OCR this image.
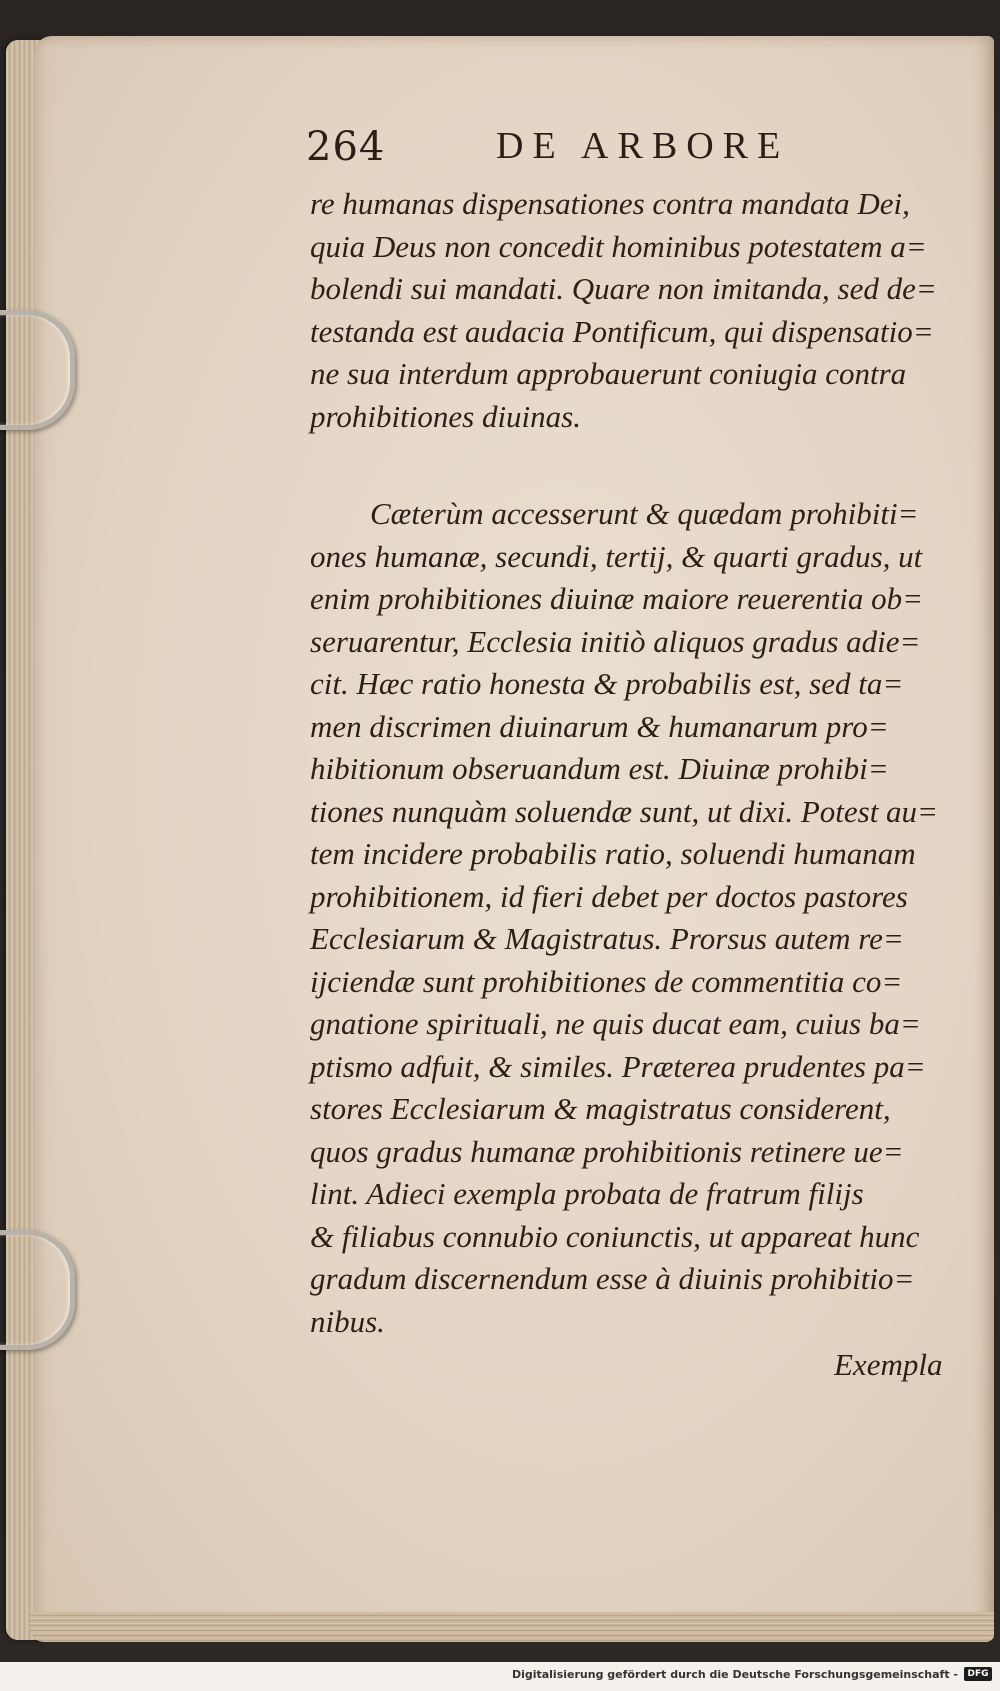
264	DE ARBORE
re humanas dispensationes contra mandata Dei,
quia Deus non concedit hominibus potestatem a=
bolendi sui mandati. Quare non imitanda, sed de=
testanda est audacia Pontificum, qui dispensatio=
ne sua interdum approbauerunt coniugia contra
prohibitiones diuinas.
Cæterùm accesserunt & quædam prohibiti=
ones humanæ, secundi, tertij, & quarti gradus, ut
enim prohibitiones diuinæ maiore reuerentia ob=
seruarentur, Ecclesia initiò aliquos gradus adie=
cit. Hæc ratio honesta & probabilis est, sed ta=
men discrimen diuinarum & humanarum pro=
hibitionum obseruandum est. Diuinæ prohibi=
tiones nunquàm soluendæ sunt, ut dixi. Potest au=
tem incidere probabilis ratio, soluendi humanam
prohibitionem, id fieri debet per doctos pastores
Ecclesiarum & Magistratus. Prorsus autem re=
ijciendæ sunt prohibitiones de commentitia co=
gnatione spirituali, ne quis ducat eam, cuius ba=
ptismo adfuit, & similes. Præterea prudentes pa=
stores Ecclesiarum & magistratus considerent,
quos gradus humanæ prohibitionis retinere ue=
lint. Adieci exempla probata de fratrum filijs
& filiabus connubio coniunctis, ut appareat hunc
gradum discernendum esse à diuinis prohibitio=
nibus.
Exempla
Digitalisierung gefördert durch die Deutsche Forschungsgemeinschaft -	DFG
